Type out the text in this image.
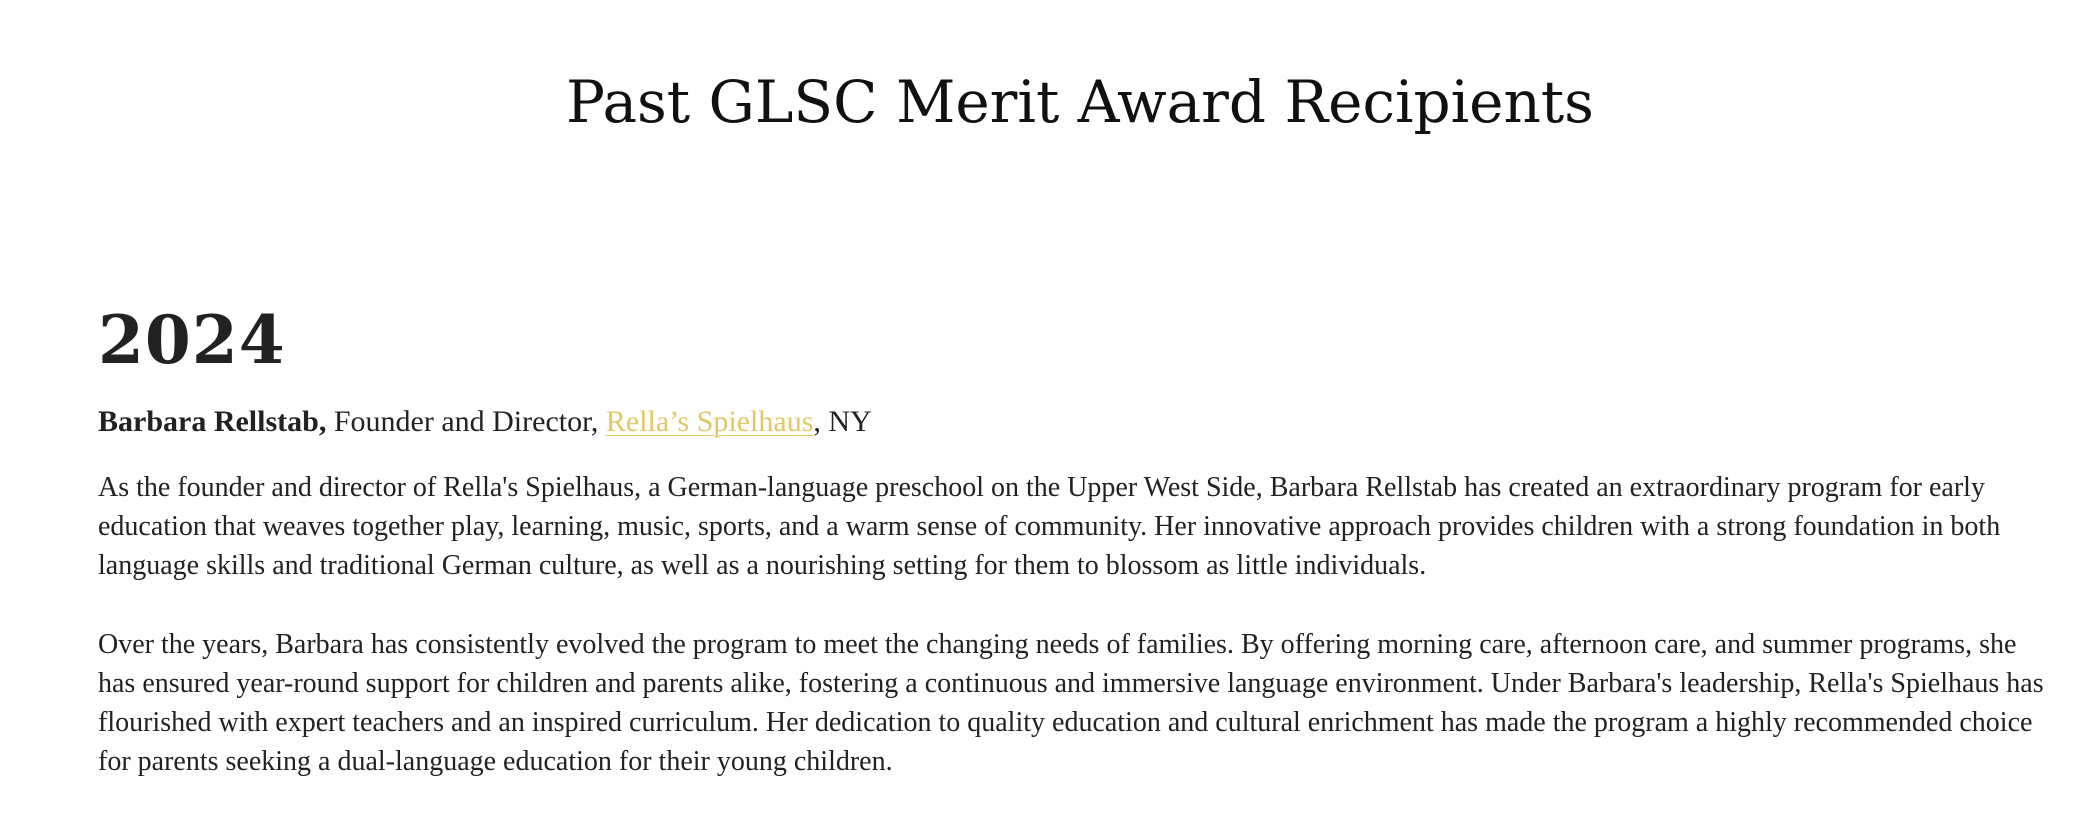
Past GLSC Merit Award Recipients
2024

Barbara Rellstab, Founder and Director, Rella’s Spielhaus, NY

As the founder and director of Rella's Spielhaus, a German-language preschool on the Upper West Side, Barbara Rellstab has created an extraordinary program for early education that weaves together play, learning, music, sports, and a warm sense of community. Her innovative approach provides children with a strong foundation in both language skills and traditional German culture, as well as a nourishing setting for them to blossom as little individuals.

Over the years, Barbara has consistently evolved the program to meet the changing needs of families. By offering morning care, afternoon care, and summer programs, she has ensured year-round support for children and parents alike, fostering a continuous and immersive language environment. Under Barbara's leadership, Rella's Spielhaus has flourished with expert teachers and an inspired curriculum. Her dedication to quality education and cultural enrichment has made the program a highly recommended choice for parents seeking a dual-language education for their young children.
